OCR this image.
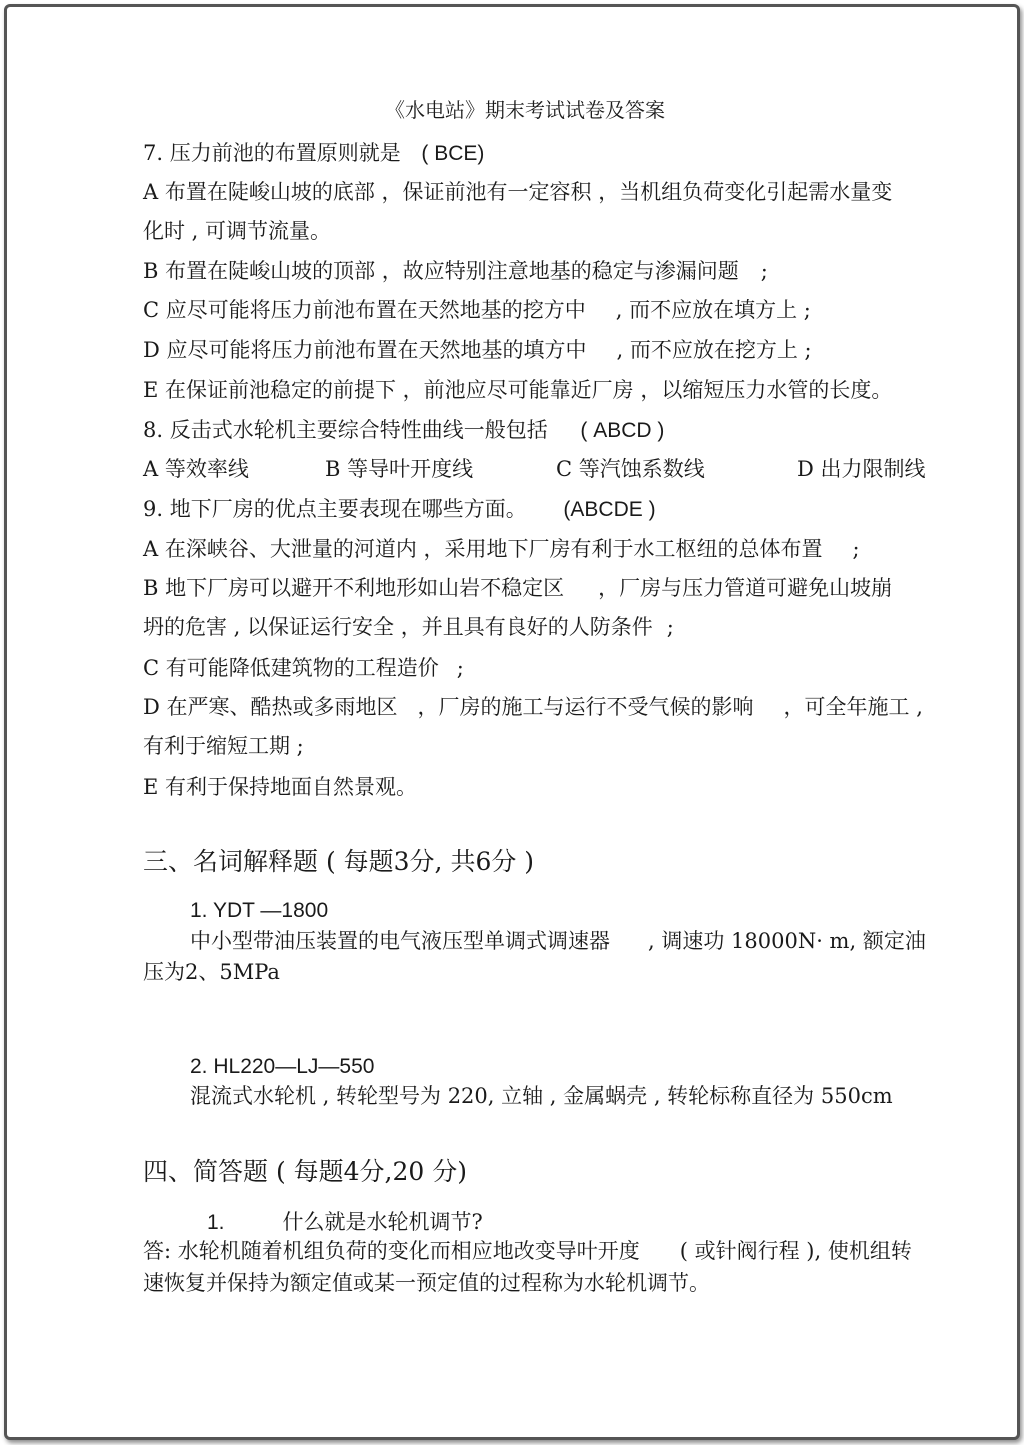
《水电站》期末考试试卷及答案
7. 压力前池的布置原则就是 ( BCE)
A 布置在陡峻山坡的底部 ，保证前池有一定容积 ，当机组负荷变化引起需水量变
化时 , 可调节流量。
B 布置在陡峻山坡的顶部 ，故应特别注意地基的稳定与渗漏问题 ;
C 应尽可能将压力前池布置在天然地基的挖方中 , 而不应放在填方上 ;
D 应尽可能将压力前池布置在天然地基的填方中 , 而不应放在挖方上 ;
E 在保证前池稳定的前提下 ，前池应尽可能靠近厂房 ，以缩短压力水管的长度。
8. 反击式水轮机主要综合特性曲线一般包括 ( ABCD )
A 等效率线	B 等导叶开度线	C 等汽蚀系数线	D 出力限制线
9. 地下厂房的优点主要表现在哪些方面。 (ABCDE )
A 在深峡谷、大泄量的河道内 ，采用地下厂房有利于水工枢纽的总体布置 ;
B 地下厂房可以避开不利地形如山岩不稳定区 ，厂房与压力管道可避免山坡崩
坍的危害 , 以保证运行安全 ，并且具有良好的人防条件 ;
C 有可能降低建筑物的工程造价 ;
D 在严寒、酷热或多雨地区 ，厂房的施工与运行不受气候的影响 ，可全年施工 ,
有利于缩短工期 ;
E 有利于保持地面自然景观。
三、名词解释题 ( 每题3分, 共6分 )
1. YDT —1800
中小型带油压装置的电气液压型单调式调速器 , 调速功 18000N· m, 额定油
压为2、5MPa
2. HL220—LJ—550
混流式水轮机 , 转轮型号为 220, 立轴 , 金属蜗壳 , 转轮标称直径为 550cm
四、简答题 ( 每题4分,20 分)
1.	什么就是水轮机调节?
答: 水轮机随着机组负荷的变化而相应地改变导叶开度 ( 或针阀行程 ), 使机组转
速恢复并保持为额定值或某一预定值的过程称为水轮机调节。
